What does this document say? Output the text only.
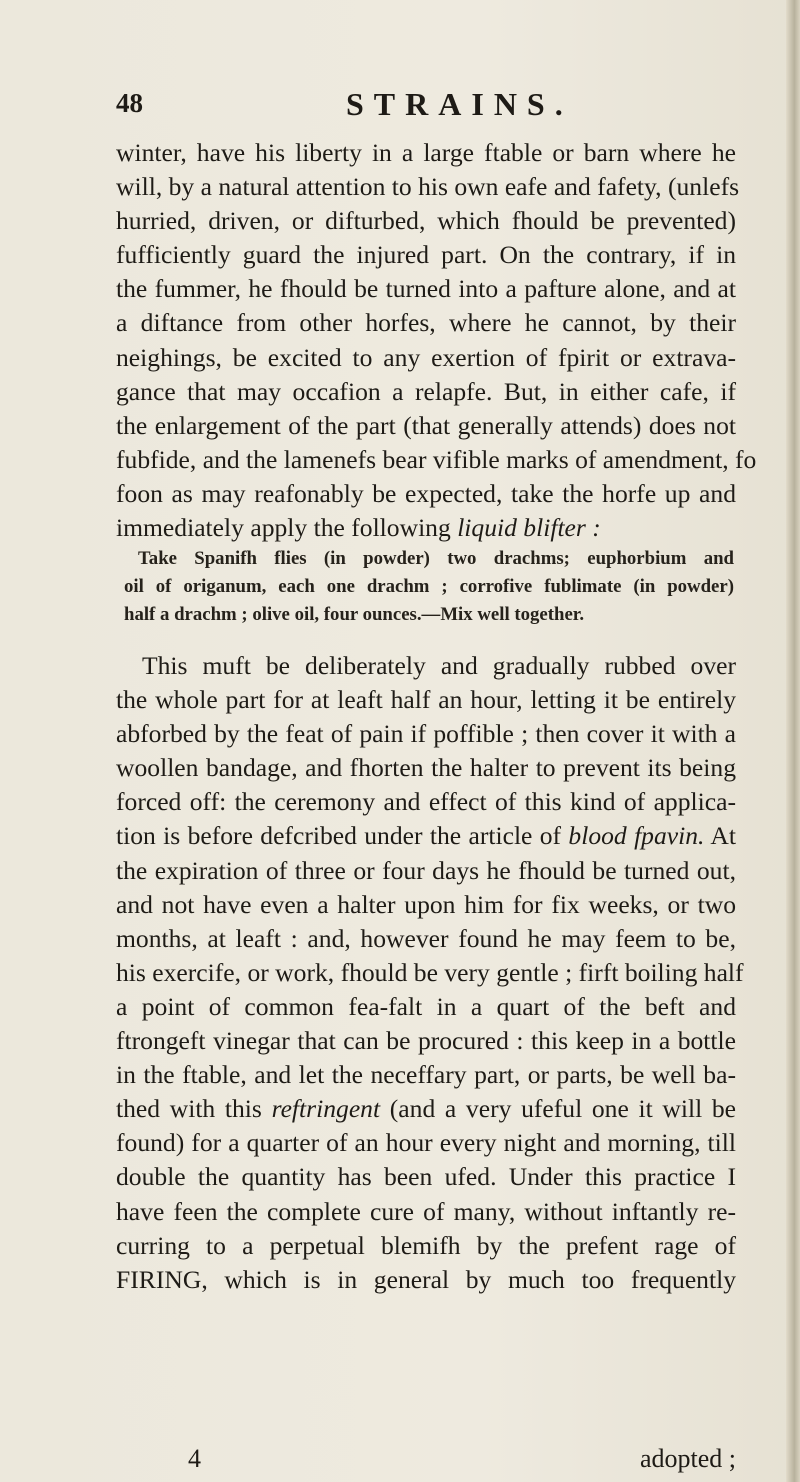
48	STRAINS.
winter, have his liberty in a large ftable or barn where he
will, by a natural attention to his own eafe and fafety, (unlefs
hurried, driven, or difturbed, which fhould be prevented)
fufficiently guard the injured part. On the contrary, if in
the fummer, he fhould be turned into a pafture alone, and at
a diftance from other horfes, where he cannot, by their
neighings, be excited to any exertion of fpirit or extrava-
gance that may occafion a relapfe. But, in either cafe, if
the enlargement of the part (that generally attends) does not
fubfide, and the lamenefs bear vifible marks of amendment, fo
foon as may reafonably be expected, take the horfe up and
immediately apply the following liquid blifter :
Take Spanifh flies (in powder) two drachms; euphorbium and
oil of origanum, each one drachm ; corrofive fublimate (in powder)
half a drachm ; olive oil, four ounces.—Mix well together.
This muft be deliberately and gradually rubbed over
the whole part for at leaft half an hour, letting it be entirely
abforbed by the feat of pain if poffible ; then cover it with a
woollen bandage, and fhorten the halter to prevent its being
forced off: the ceremony and effect of this kind of applica-
tion is before defcribed under the article of blood fpavin. At
the expiration of three or four days he fhould be turned out,
and not have even a halter upon him for fix weeks, or two
months, at leaft : and, however found he may feem to be,
his exercife, or work, fhould be very gentle ; firft boiling half
a point of common fea-falt in a quart of the beft and
ftrongeft vinegar that can be procured : this keep in a bottle
in the ftable, and let the neceffary part, or parts, be well ba-
thed with this reftringent (and a very ufeful one it will be
found) for a quarter of an hour every night and morning, till
double the quantity has been ufed. Under this practice I
have feen the complete cure of many, without inftantly re-
curring to a perpetual blemifh by the prefent rage of
FIRING, which is in general by much too frequently
4	adopted ;
